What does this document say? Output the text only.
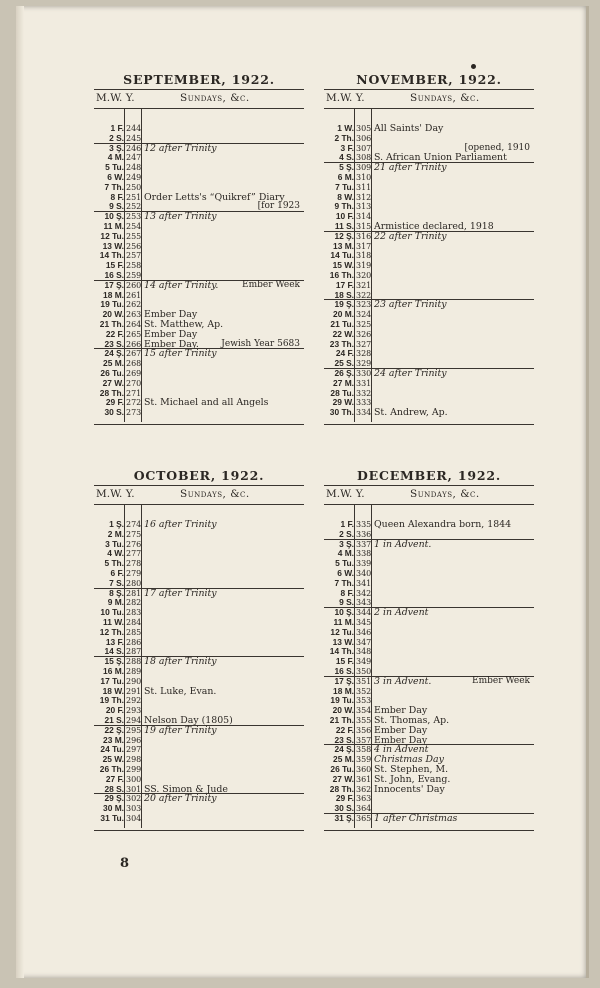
SEPTEMBER, 1922.
M.W. Y.	Sundays, &c.
1 F. 244
2 S. 245
3 Ş. 246 12 after Trinity
4 M. 247
5 Tu. 248
6 W. 249
7 Th. 250
8 F. 251 Order Letts's “Quikref” Diary
9 S. 252	[for 1923
10 Ş. 253 13 after Trinity
11 M. 254
12 Tu. 255
13 W. 256
14 Th. 257
15 F. 258
16 S. 259
17 Ş. 260 14 after Trinity.	Ember Week
18 M. 261
19 Tu. 262
20 W. 263 Ember Day
21 Th. 264 St. Matthew, Ap.
22 F. 265 Ember Day
23 S. 266 Ember Day. Jewish Year 5683
24 Ş. 267 15 after Trinity
25 M. 268
26 Tu. 269
27 W. 270
28 Th. 271
29 F. 272 St. Michael and all Angels
30 S. 273
NOVEMBER, 1922.
M.W. Y.	Sundays, &c.
1 W. 305 All Saints' Day
2 Th. 306
3 F. 307	[opened, 1910
4 S. 308 S. African Union Parliament
5 Ş. 309 21 after Trinity
6 M. 310
7 Tu. 311
8 W. 312
9 Th. 313
10 F. 314
11 S. 315 Armistice declared, 1918
12 Ş. 316 22 after Trinity
13 M. 317
14 Tu. 318
15 W. 319
16 Th. 320
17 F. 321
18 S. 322
19 Ş. 323 23 after Trinity
20 M. 324
21 Tu. 325
22 W. 326
23 Th. 327
24 F. 328
25 S. 329
26 Ş. 330 24 after Trinity
27 M. 331
28 Tu. 332
29 W. 333
30 Th. 334 St. Andrew, Ap.
OCTOBER, 1922.
M.W. Y.	Sundays, &c.
1 Ş. 274 16 after Trinity
2 M. 275
3 Tu. 276
4 W. 277
5 Th. 278
6 F. 279
7 S. 280
8 Ş. 281 17 after Trinity
9 M. 282
10 Tu. 283
11 W. 284
12 Th. 285
13 F. 286
14 S. 287
15 Ş. 288 18 after Trinity
16 M. 289
17 Tu. 290
18 W. 291 St. Luke, Evan.
19 Th. 292
20 F. 293
21 S. 294 Nelson Day (1805)
22 Ş. 295 19 after Trinity
23 M. 296
24 Tu. 297
25 W. 298
26 Th. 299
27 F. 300
28 S. 301 SS. Simon & Jude
29 Ş. 302 20 after Trinity
30 M. 303
31 Tu. 304
DECEMBER, 1922.
M.W. Y.	Sundays, &c.
1 F. 335 Queen Alexandra born, 1844
2 S. 336
3 Ş. 337 1 in Advent.
4 M. 338
5 Tu. 339
6 W. 340
7 Th. 341
8 F. 342
9 S. 343
10 Ş. 344 2 in Advent
11 M. 345
12 Tu. 346
13 W. 347
14 Th. 348
15 F. 349
16 S. 350
17 Ş. 351 3 in Advent.	Ember Week
18 M. 352
19 Tu. 353
20 W. 354 Ember Day
21 Th. 355 St. Thomas, Ap.
22 F. 356 Ember Day
23 S. 357 Ember Day
24 Ş. 358 4 in Advent
25 M. 359 Christmas Day
26 Tu. 360 St. Stephen, M.
27 W. 361 St. John, Evang.
28 Th. 362 Innocents' Day
29 F. 363
30 S. 364
31 Ş. 365 1 after Christmas
8
